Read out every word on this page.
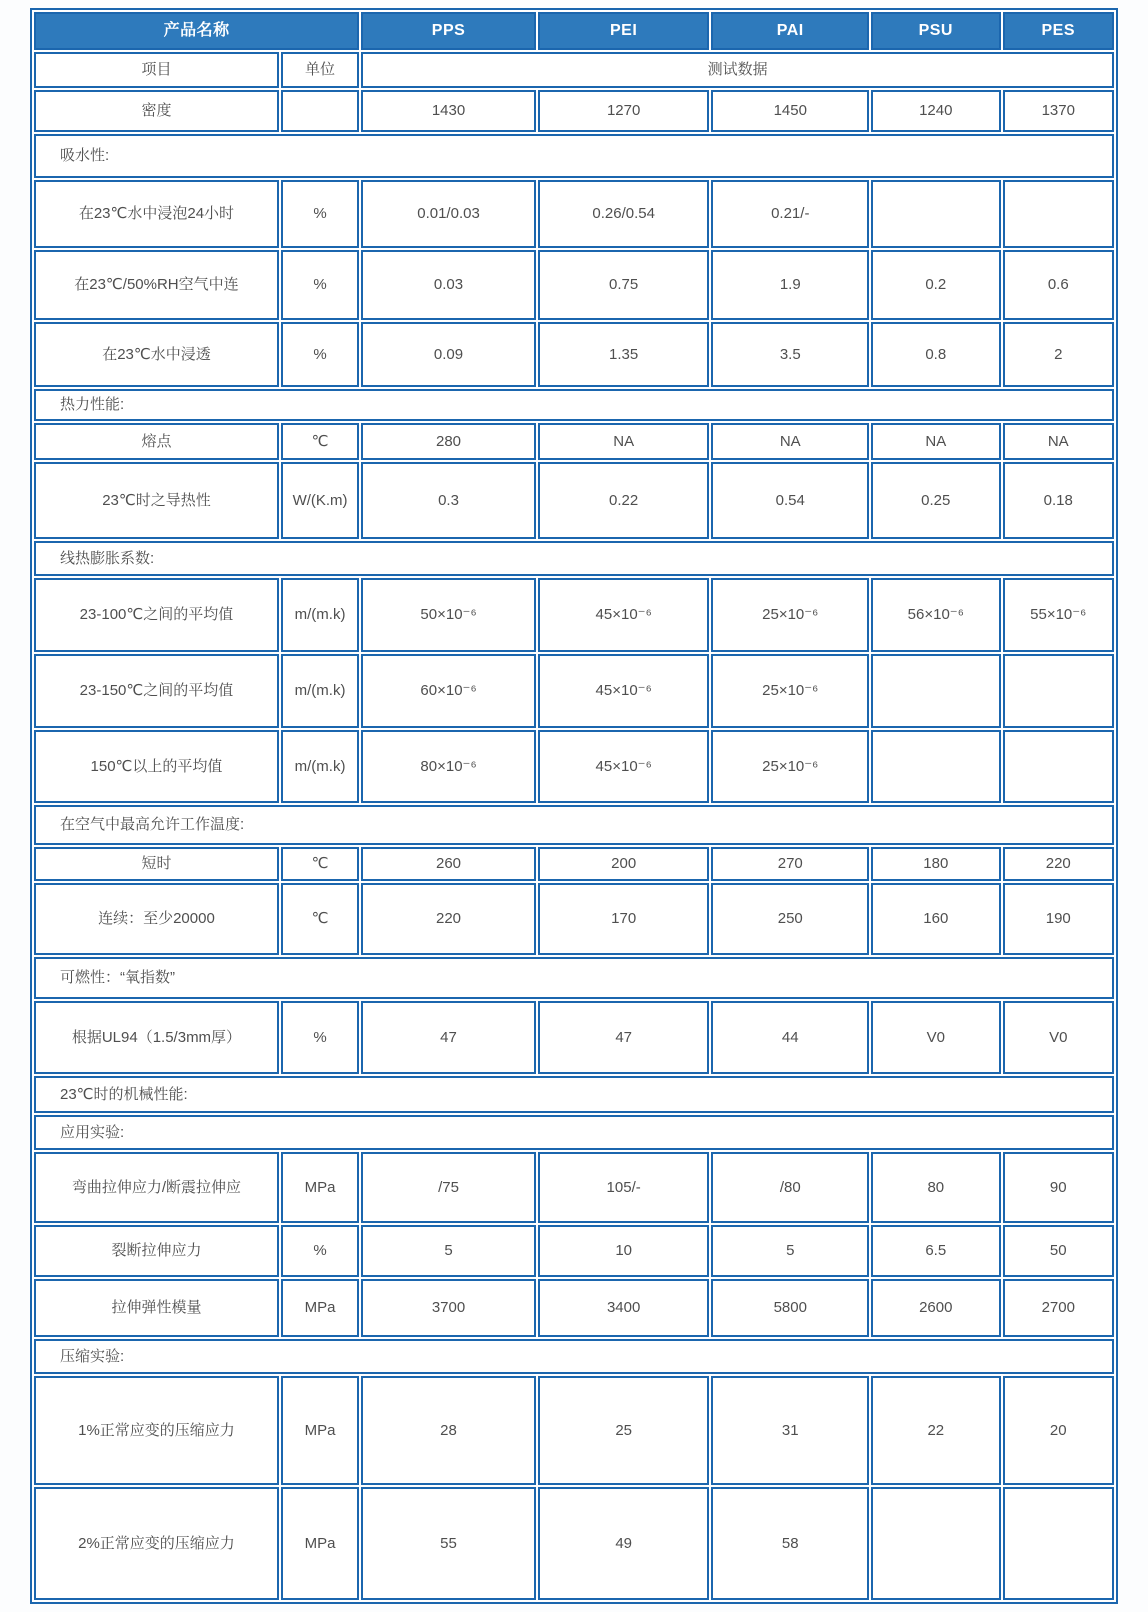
产品名称		PPS	PEI	PAI	PSU	PES
项目	单位	测试数据				
密度		1430	1270	1450	1240	1370
吸水性:						
在23℃水中浸泡24小时	%	0.01/0.03	0.26/0.54	0.21/-		
在23℃/50%RH空气中连	%	0.03	0.75	1.9	0.2	0.6
在23℃水中浸透	%	0.09	1.35	3.5	0.8	2
热力性能:						
熔点	℃	280	NA	NA	NA	NA
23℃时之导热性	W/(K.m)	0.3	0.22	0.54	0.25	0.18
线热膨胀系数:						
23-100℃之间的平均值	m/(m.k)	50×10⁻⁶	45×10⁻⁶	25×10⁻⁶	56×10⁻⁶	55×10⁻⁶
23-150℃之间的平均值	m/(m.k)	60×10⁻⁶	45×10⁻⁶	25×10⁻⁶		
150℃以上的平均值	m/(m.k)	80×10⁻⁶	45×10⁻⁶	25×10⁻⁶		
在空气中最高允许工作温度:						
短时	℃	260	200	270	180	220
连续：至少20000	℃	220	170	250	160	190
可燃性：“氧指数”						
根据UL94（1.5/3mm厚）	%	47	47	44	V0	V0
23℃时的机械性能:						
应用实验:						
弯曲拉伸应力/断震拉伸应	MPa	/75	105/-	/80	80	90
裂断拉伸应力	%	5	10	5	6.5	50
拉伸弹性模量	MPa	3700	3400	5800	2600	2700
压缩实验:						
1%正常应变的压缩应力	MPa	28	25	31	22	20
2%正常应变的压缩应力	MPa	55	49	58		
